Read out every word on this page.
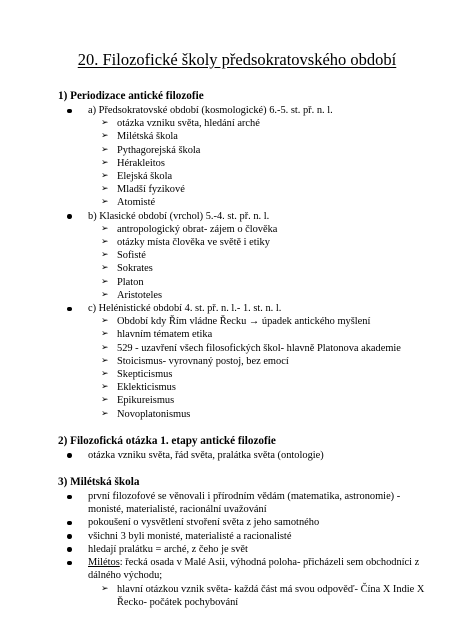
20. Filozofické školy předsokratovského období
1) Periodizace antické filozofie
a) Předsokratovské období (kosmologické) 6.-5. st. př. n. l.
➢ otázka vzniku světa, hledání arché
➢ Milétská škola
➢ Pythagorejská škola
➢ Hérakleitos
➢ Elejská škola
➢ Mladší fyzikové
➢ Atomisté
b) Klasické období (vrchol) 5.-4. st. př. n. l.
➢ antropologický obrat- zájem o člověka
➢ otázky místa člověka ve světě i etiky
➢ Sofisté
➢ Sokrates
➢ Platon
➢ Aristoteles
c) Helénistické období 4. st. př. n. l.- 1. st. n. l.
➢ Období kdy Řím vládne Řecku → úpadek antického myšlení
➢ hlavním tématem etika
➢ 529 - uzavření všech filosofických škol- hlavně Platonova akademie
➢ Stoicismus- vyrovnaný postoj, bez emocí
➢ Skepticismus
➢ Eklekticismus
➢ Epikureismus
➢ Novoplatonismus
2) Filozofická otázka 1. etapy antické filozofie
otázka vzniku světa, řád světa, pralátka světa (ontologie)
3) Milétská škola
první filozofové se věnovali i přírodním vědám (matematika, astronomie) - monisté, materialisté, racionální uvažování
pokoušení o vysvětlení stvoření světa z jeho samotného
všichni 3 byli monisté, materialisté a racionalisté
hledají pralátku = arché, z čeho je svět
Milétos: řecká osada v Malé Asii, výhodná poloha- přicházeli sem obchodníci z dálného východu;
➢ hlavní otázkou vznik světa- každá část má svou odpověď- Čína X Indie X Řecko- počátek pochybování
